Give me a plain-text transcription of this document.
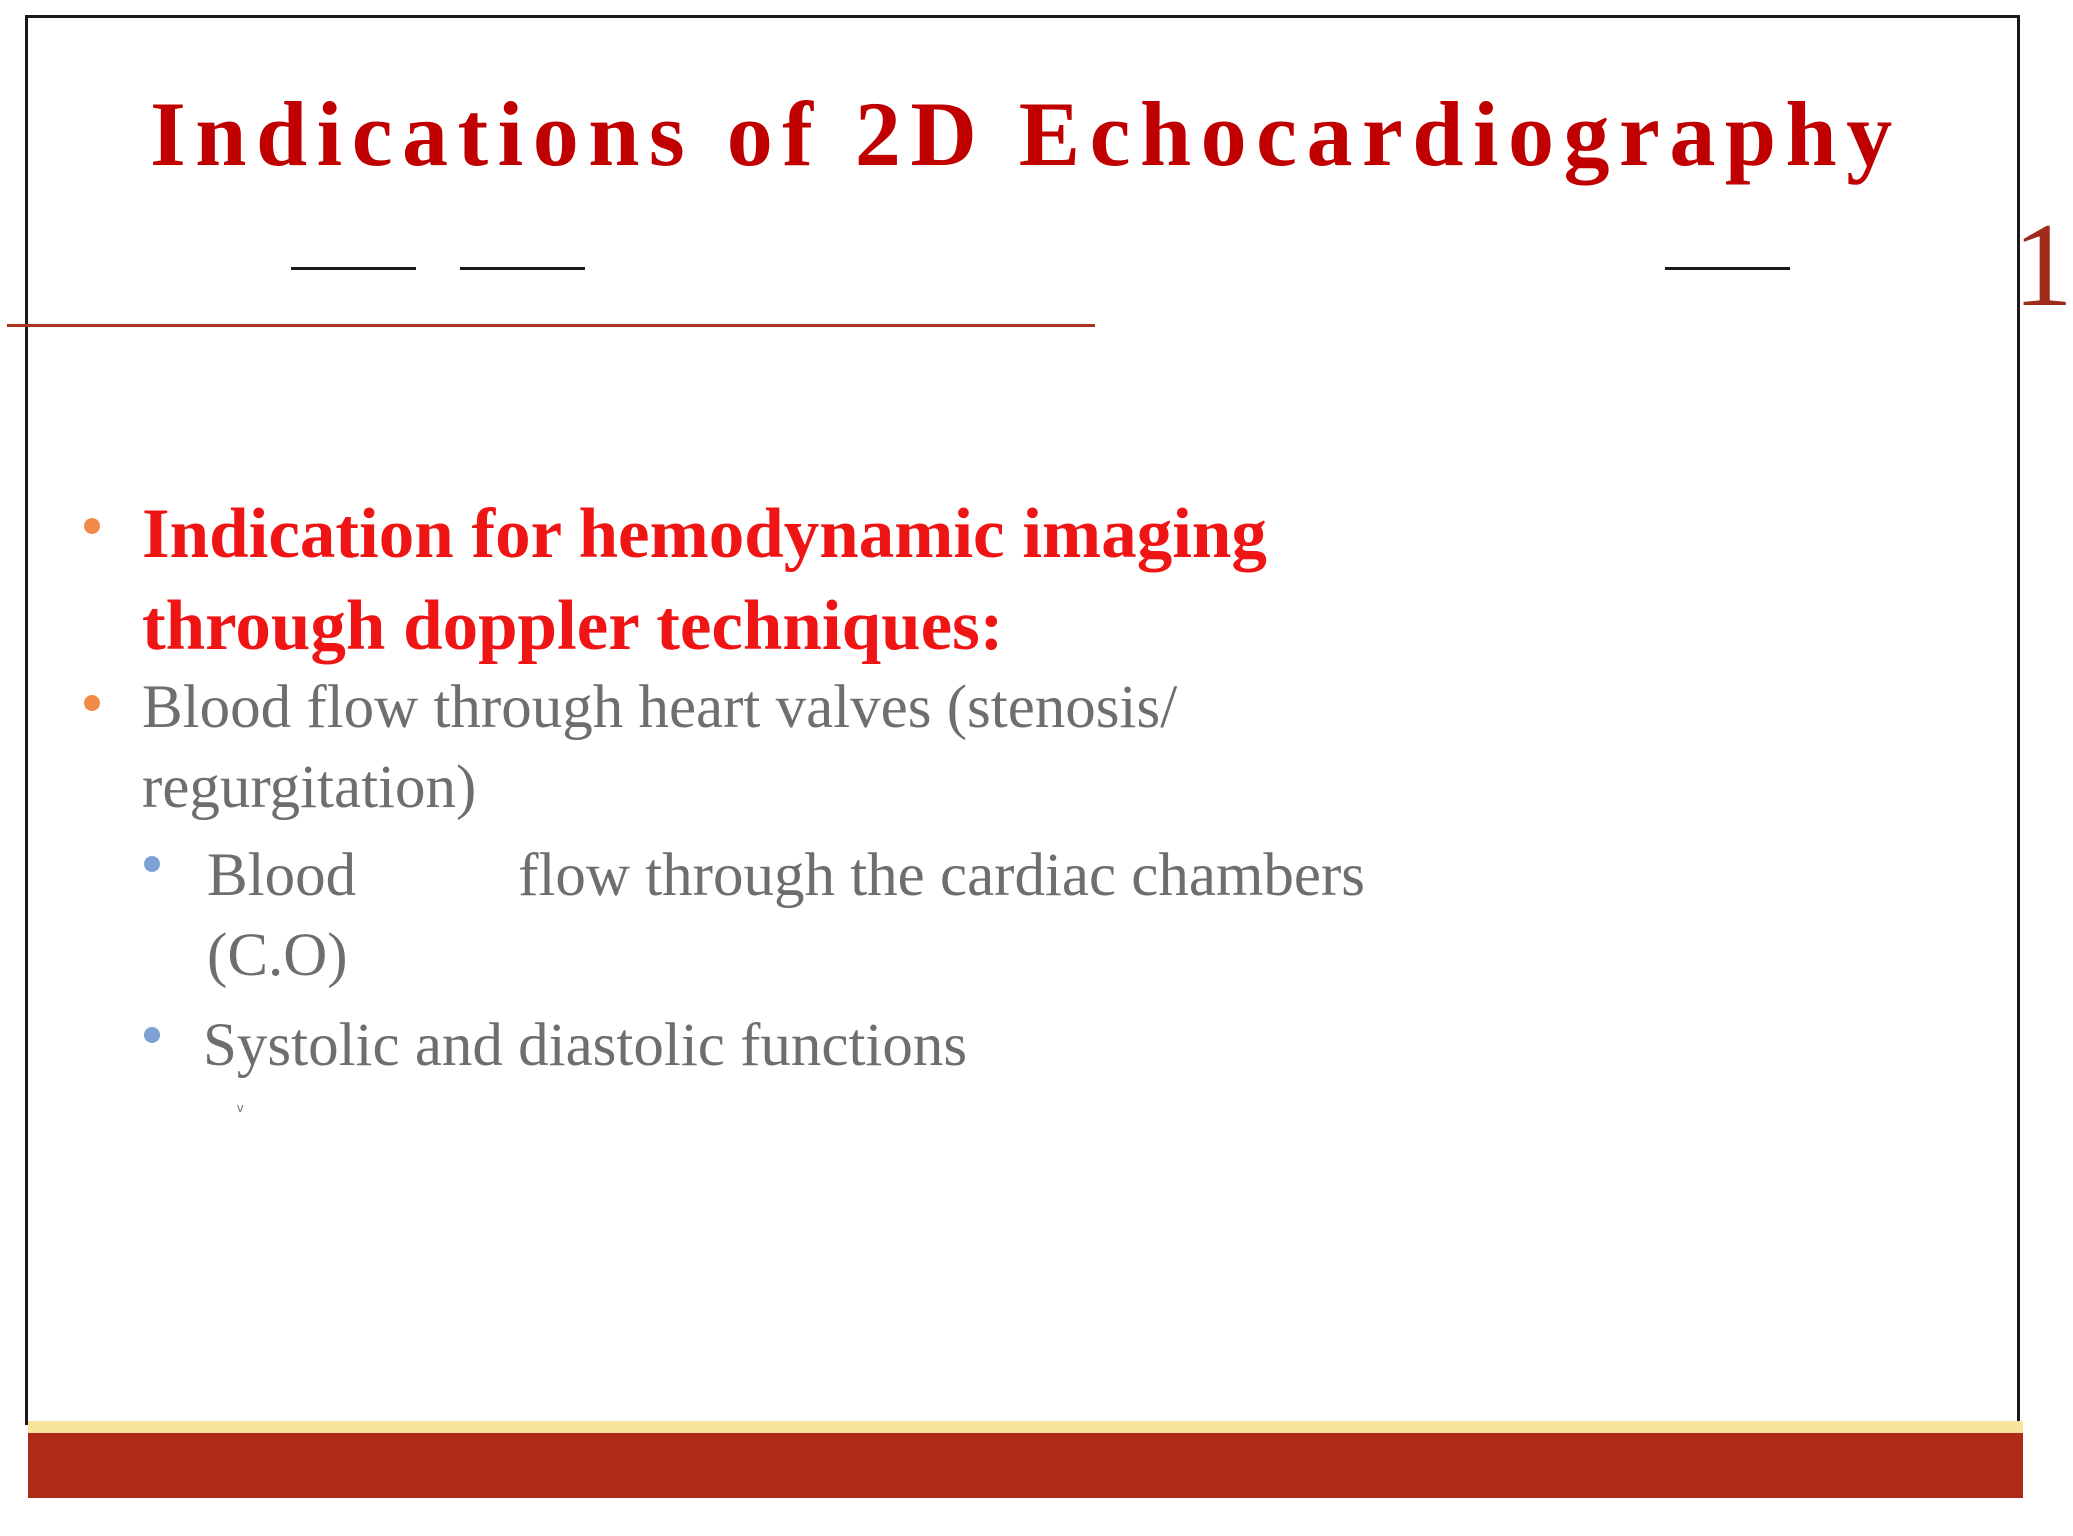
Indications of 2D Echocardiography
1
Indication for hemodynamic imaging
through doppler techniques:
Blood flow through heart valves (stenosis/
regurgitation)
Blood	flow through the cardiac chambers
(C.O)
Systolic and diastolic functions
v
